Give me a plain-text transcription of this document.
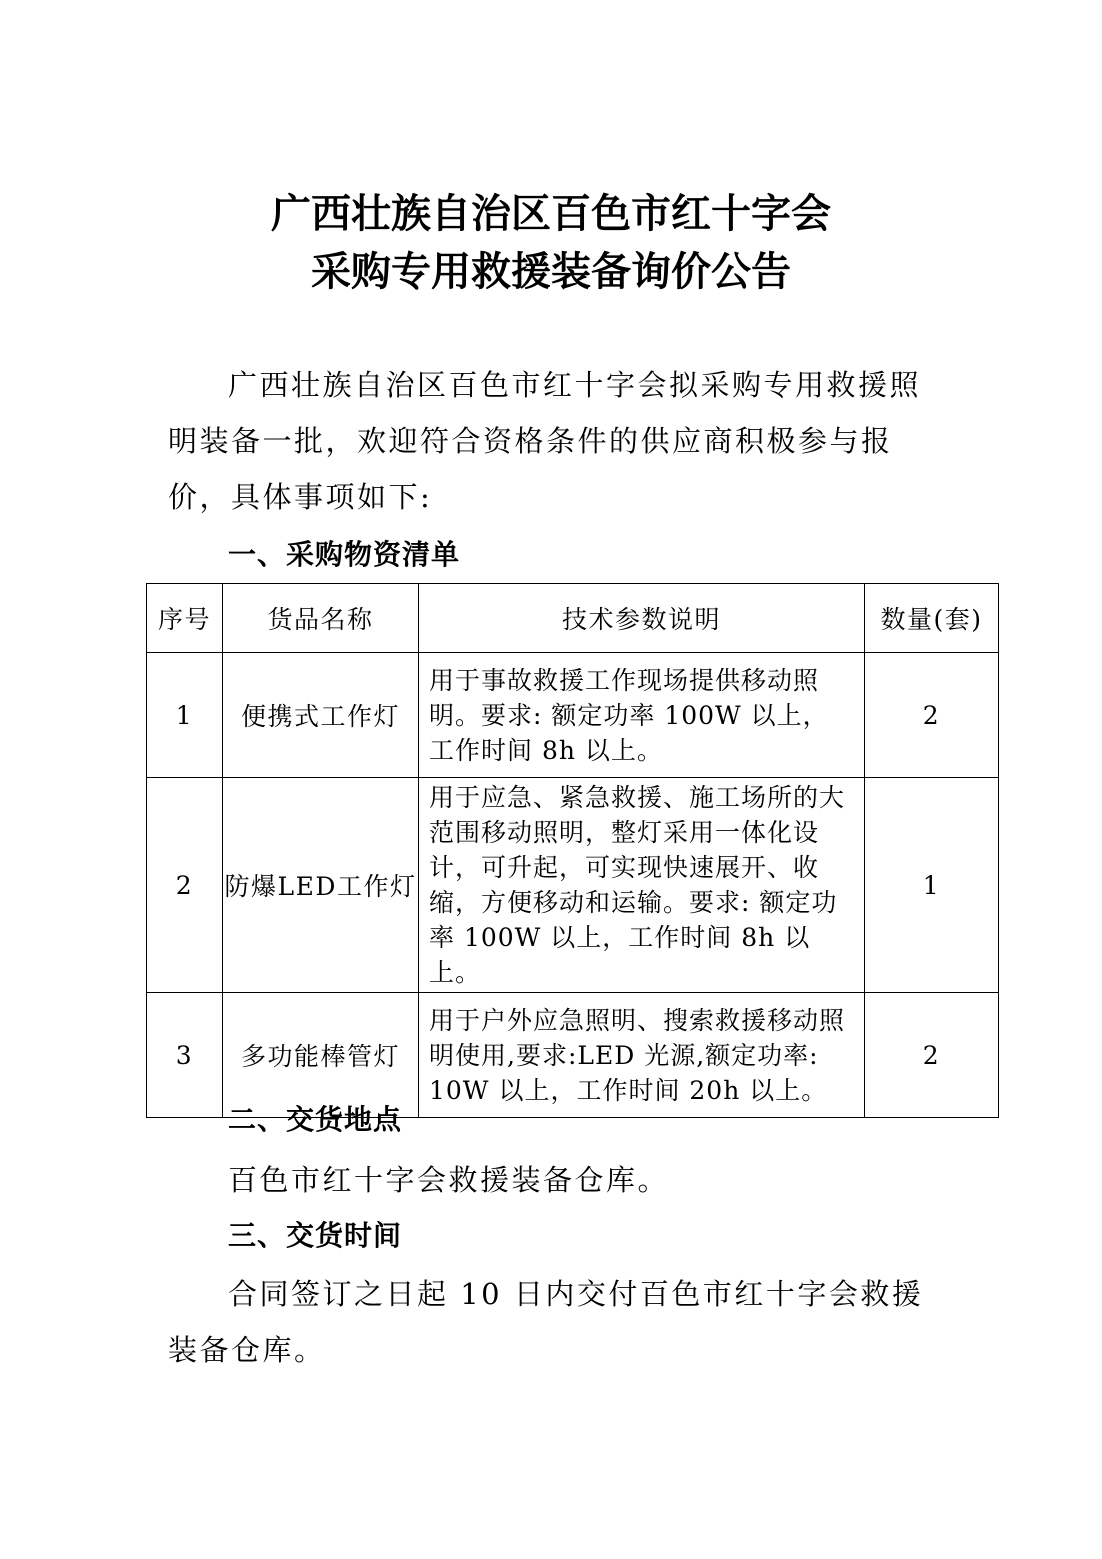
广西壮族自治区百色市红十字会
采购专用救援装备询价公告

广西壮族自治区百色市红十字会拟采购专用救援照明装备一批，欢迎符合资格条件的供应商积极参与报价，具体事项如下:

一、采购物资清单
序号	货品名称	技术参数说明	数量(套)
1	便携式工作灯	用于事故救援工作现场提供移动照明。要求: 额定功率 100W 以上，工作时间 8h 以上。	2
2	防爆LED工作灯	用于应急、紧急救援、施工场所的大范围移动照明，整灯采用一体化设计，可升起，可实现快速展开、收缩，方便移动和运输。要求: 额定功率 100W 以上，工作时间 8h 以上。	1
3	多功能棒管灯	用于户外应急照明、搜索救援移动照明使用,要求:LED 光源,额定功率: 10W 以上，工作时间 20h 以上。	2
二、交货地点

百色市红十字会救援装备仓库。

三、交货时间

合同签订之日起 10 日内交付百色市红十字会救援装备仓库。
